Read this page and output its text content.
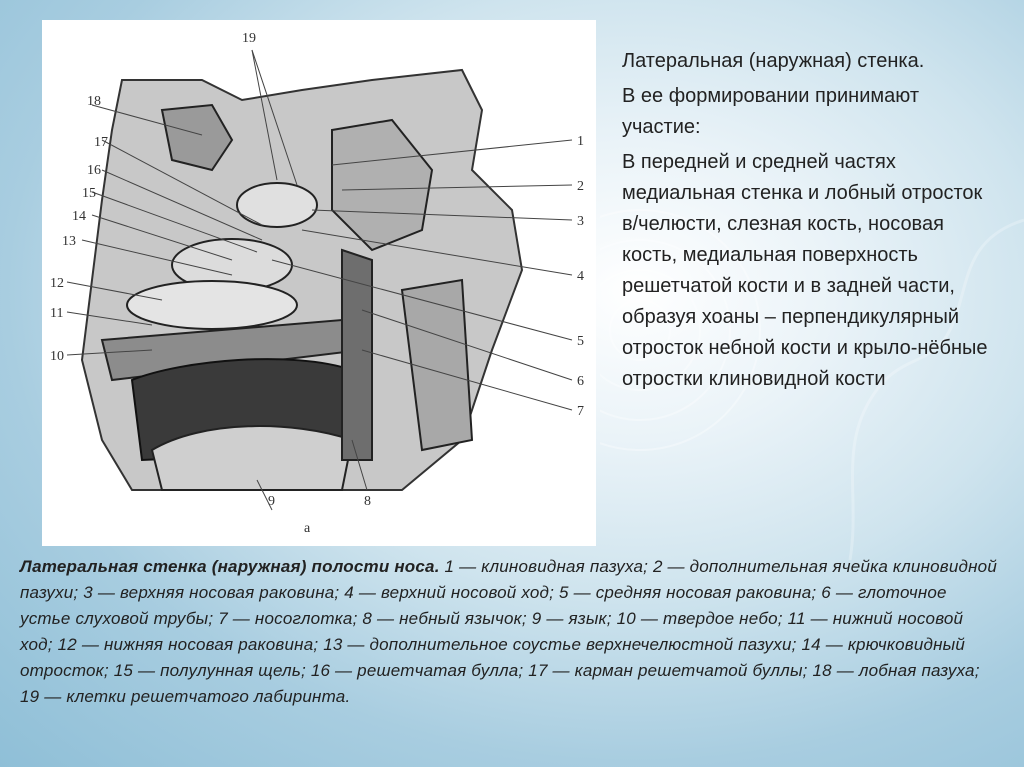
19
1
2
3
4
5
6
7
8
9
10
11
12
13
14
15
16
17
18
a

Латеральная (наружная) стенка.

В ее формировании принимают участие:

В передней и средней частях медиальная стенка и лобный отросток в/челюсти, слезная кость, носовая кость, медиальная поверхность решетчатой кости и в задней части, образуя хоаны – перпендикулярный отросток небной кости и крыло-нёбные отростки клиновидной кости

Латеральная стенка (наружная) полости носа. 1 — клиновидная пазуха; 2 — дополнительная ячейка клиновидной пазухи; 3 — верхняя носовая раковина; 4 — верхний носовой ход; 5 — средняя носовая раковина; 6 — глоточное устье слуховой трубы; 7 — носоглотка; 8 — небный язычок; 9 — язык; 10 — твердое небо; 11 — нижний носовой ход; 12 — нижняя носовая раковина; 13 — дополнительное соустье верхнечелюстной пазухи; 14 — крючковидный отросток; 15 — полулунная щель; 16 — решетчатая булла; 17 — карман решетчатой буллы; 18 — лобная пазуха; 19 — клетки решетчатого лабиринта.
